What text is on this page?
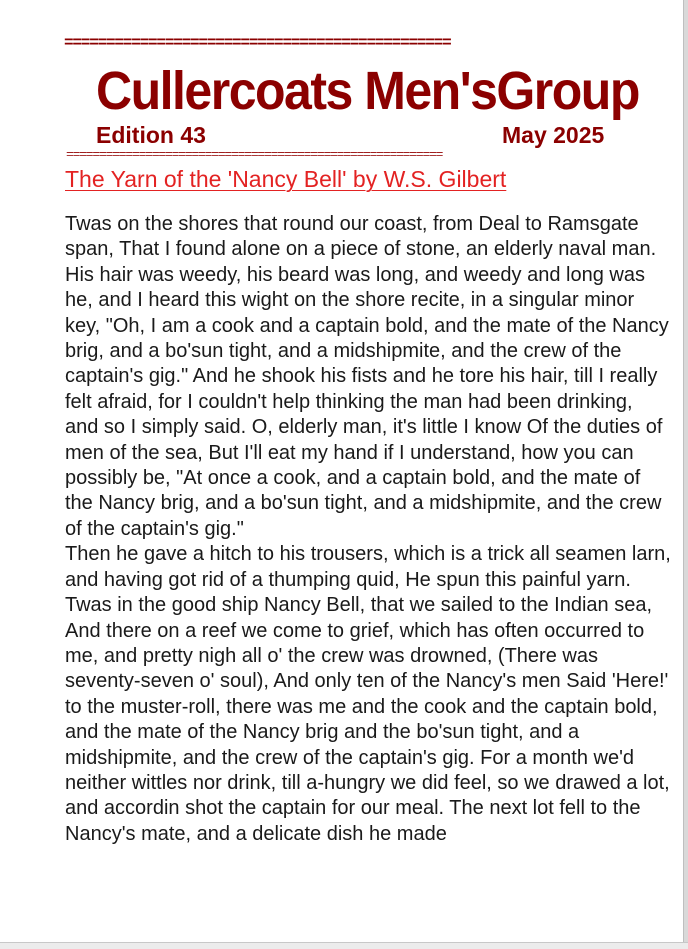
==============================================
Cullercoats Men'sGroup
Edition 43	May 2025
=========================================================
The Yarn of the 'Nancy Bell' by W.S. Gilbert

Twas on the shores that round our coast, from Deal to Ramsgate span, That I found alone on a piece of stone, an elderly naval man. His hair was weedy, his beard was long, and weedy and long was he, and I heard this wight on the shore recite, in a singular minor key, "Oh, I am a cook and a captain bold, and the mate of the Nancy brig, and a bo'sun tight, and a midshipmite, and the crew of the captain's gig." And he shook his fists and he tore his hair, till I really felt afraid, for I couldn't help thinking the man had been drinking, and so I simply said. O, elderly man, it's little I know Of the duties of men of the sea, But I'll eat my hand if I understand, how you can possibly be, "At once a cook, and a captain bold, and the mate of the Nancy brig, and a bo'sun tight, and a midshipmite, and the crew of the captain's gig."

Then he gave a hitch to his trousers, which is a trick all seamen larn, and having got rid of a thumping quid, He spun this painful yarn. Twas in the good ship Nancy Bell, that we sailed to the Indian sea, And there on a reef we come to grief, which has often occurred to me, and pretty nigh all o' the crew was drowned, (There was seventy-seven o' soul), And only ten of the Nancy's men Said 'Here!' to the muster-roll, there was me and the cook and the captain bold, and the mate of the Nancy brig and the bo'sun tight, and a midshipmite, and the crew of the captain's gig. For a month we'd neither wittles nor drink, till a-hungry we did feel, so we drawed a lot, and accordin shot the captain for our meal. The next lot fell to the Nancy's mate, and a delicate dish he made
